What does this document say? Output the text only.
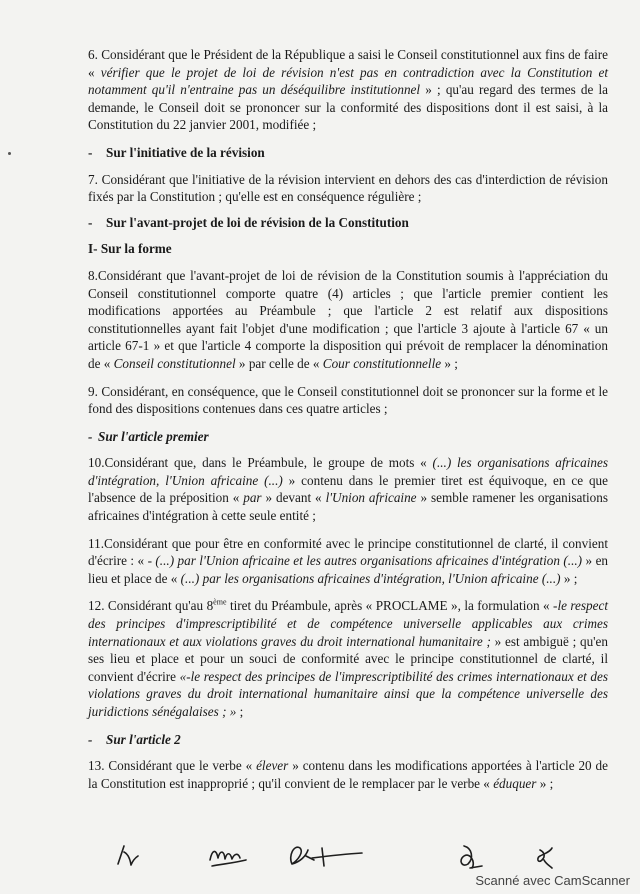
6. Considérant que le Président de la République a saisi le Conseil constitutionnel aux fins de faire « vérifier que le projet de loi de révision n'est pas en contradiction avec la Constitution et notamment qu'il n'entraine pas un déséquilibre institutionnel » ; qu'au regard des termes de la demande, le Conseil doit se prononcer sur la conformité des dispositions dont il est saisi, à la Constitution du 22 janvier 2001, modifiée ;

- Sur l'initiative de la révision

7. Considérant que l'initiative de la révision intervient en dehors des cas d'interdiction de révision fixés par la Constitution ; qu'elle est en conséquence régulière ;

- Sur l'avant-projet de loi de révision de la Constitution

I- Sur la forme

8.Considérant que l'avant-projet de loi de révision de la Constitution soumis à l'appréciation du Conseil constitutionnel comporte quatre (4) articles ; que l'article premier contient les modifications apportées au Préambule ; que l'article 2 est relatif aux dispositions constitutionnelles ayant fait l'objet d'une modification ; que l'article 3 ajoute à l'article 67 « un article 67-1 » et que l'article 4 comporte la disposition qui prévoit de remplacer la dénomination de « Conseil constitutionnel » par celle de « Cour constitutionnelle » ;

9. Considérant, en conséquence, que le Conseil constitutionnel doit se prononcer sur la forme et le fond des dispositions contenues dans ces quatre articles ;

- Sur l'article premier

10.Considérant que, dans le Préambule, le groupe de mots « (...) les organisations africaines d'intégration, l'Union africaine (...) » contenu dans le premier tiret est équivoque, en ce que l'absence de la préposition « par » devant « l'Union africaine » semble ramener les organisations africaines d'intégration à cette seule entité ;

11.Considérant que pour être en conformité avec le principe constitutionnel de clarté, il convient d'écrire : « - (...) par l'Union africaine et les autres organisations africaines d'intégration (...) » en lieu et place de « (...) par les organisations africaines d'intégration, l'Union africaine (...) » ;

12. Considérant qu'au 8ème tiret du Préambule, après « PROCLAME », la formulation « -le respect des principes d'imprescriptibilité et de compétence universelle applicables aux crimes internationaux et aux violations graves du droit international humanitaire ; » est ambiguë ; qu'en ses lieu et place et pour un souci de conformité avec le principe constitutionnel de clarté, il convient d'écrire «-le respect des principes de l'imprescriptibilité des crimes internationaux et des violations graves du droit international humanitaire ainsi que la compétence universelle des juridictions sénégalaises ; » ;

- Sur l'article 2

13. Considérant que le verbe « élever » contenu dans les modifications apportées à l'article 20 de la Constitution est inapproprié ; qu'il convient de le remplacer par le verbe « éduquer » ;

Scanné avec CamScanner
